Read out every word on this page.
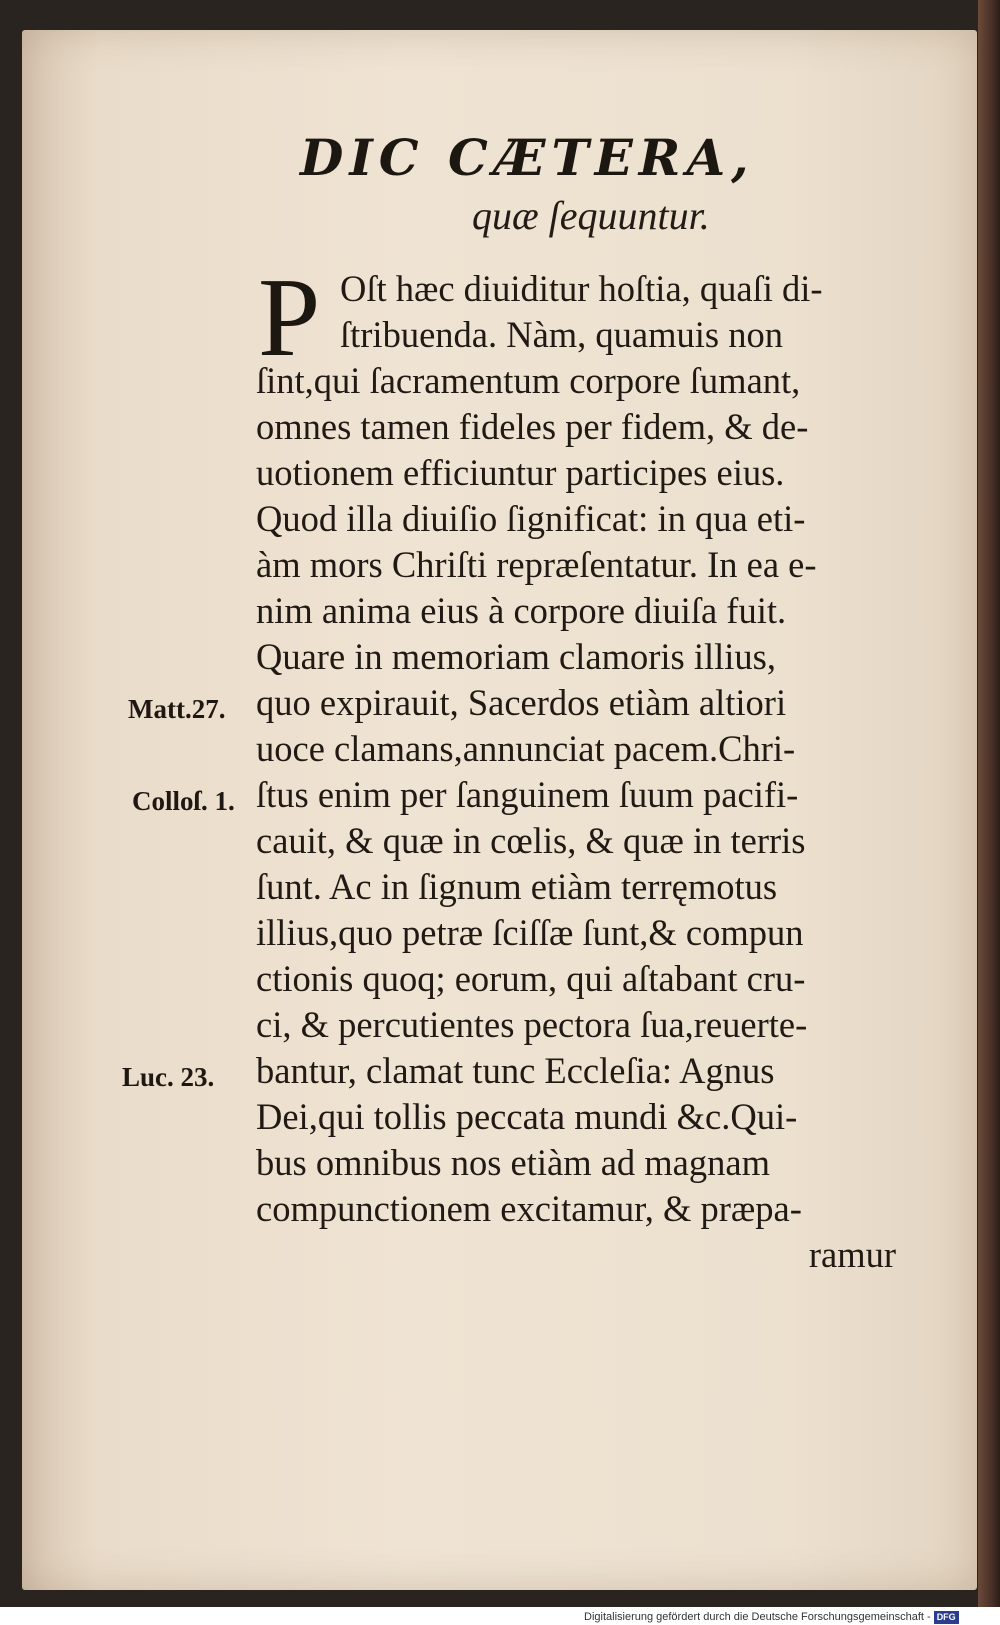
DIC CÆTERA,
quæ ſequuntur.
P Oſt hæc diuiditur hoſtia, quaſi di-
ſtribuenda. Nàm, quamuis non
ſint,qui ſacramentum corpore ſumant,
omnes tamen fideles per fidem, & de-
uotionem efficiuntur participes eius.
Quod illa diuiſio ſignificat: in qua eti-
àm mors Chriſti repræſentatur. In ea e-
nim anima eius à corpore diuiſa fuit.
Quare in memoriam clamoris illius,
quo expirauit, Sacerdos etiàm altiori
uoce clamans,annunciat pacem.Chri-
ſtus enim per ſanguinem ſuum pacifi-
cauit, & quæ in cœlis, & quæ in terris
ſunt. Ac in ſignum etiàm terręmotus
illius,quo petræ ſciſſæ ſunt,& compun
ctionis quoq; eorum, qui aſtabant cru-
ci, & percutientes pectora ſua,reuerte-
bantur, clamat tunc Eccleſia: Agnus
Dei,qui tollis peccata mundi &c.Qui-
bus omnibus nos etiàm ad magnam
compunctionem excitamur, & præpa-
ramur
Matt.27.
Colloſ. 1.
Luc. 23.
Digitalisierung gefördert durch die Deutsche Forschungsgemeinschaft - DFG
